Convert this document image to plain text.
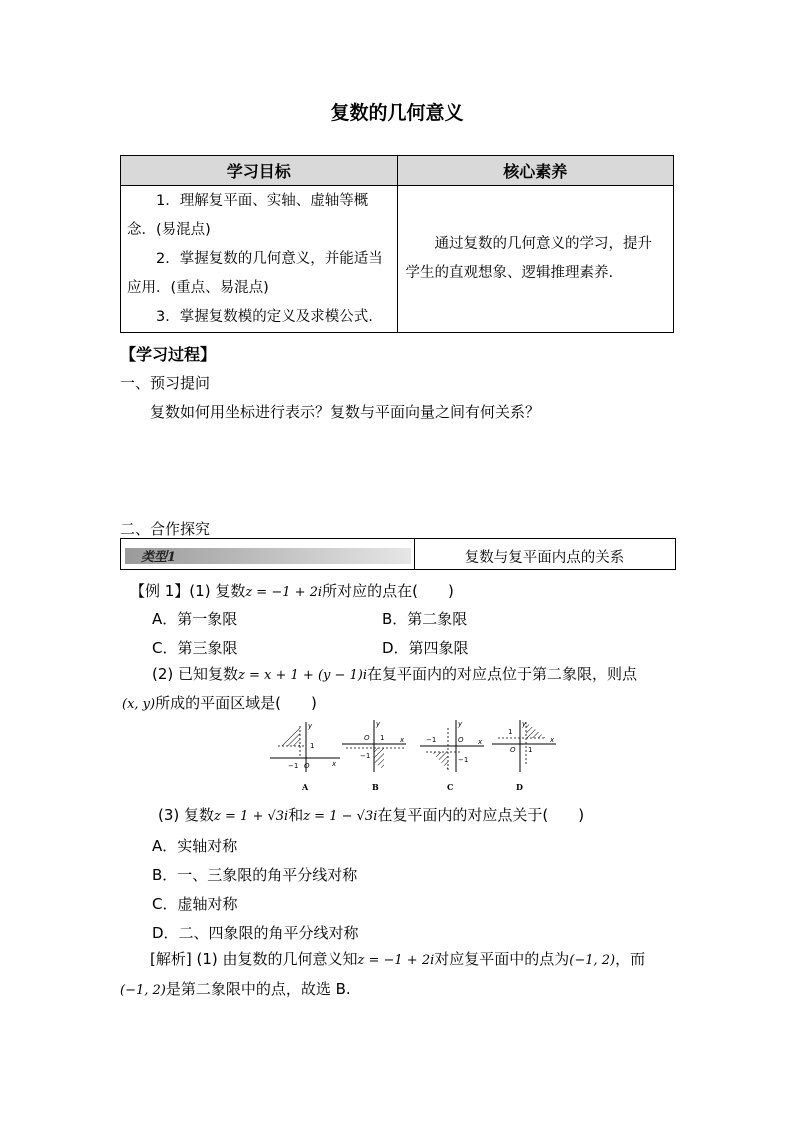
复数的几何意义
学习目标	核心素养

1．理解复平面、实轴、虚轴等概念．(易混点)

2．掌握复数的几何意义，并能适当应用．(重点、易混点)

3．掌握复数模的定义及求模公式.	通过复数的几何意义的学习，提升学生的直观想象、逻辑推理素养.

【学习过程】
一、预习提问
复数如何用坐标进行表示？复数与平面向量之间有何关系？
二、合作探究
类型1	复数与复平面内点的关系
【例 1】(1) 复数z = −1 + 2i所对应的点在(　　)
A．第一象限	B．第二象限
C．第三象限	D．第四象限
(2) 已知复数z = x + 1 + (y − 1)i在复平面内的对应点位于第二象限，则点
(x, y)所成的平面区域是(　　)
y
1
−1 O	x
y
O 1
−1
x
y
−1	O
−1
x
y
1
O 1
x
A	B	C	D
(3) 复数z = 1 + √3i和z = 1 − √3i在复平面内的对应点关于(　　)
A．实轴对称
B．一、三象限的角平分线对称
C．虚轴对称
D．二、四象限的角平分线对称
[解析] (1) 由复数的几何意义知z = −1 + 2i对应复平面中的点为(−1, 2)，而
(−1, 2)是第二象限中的点，故选 B.
